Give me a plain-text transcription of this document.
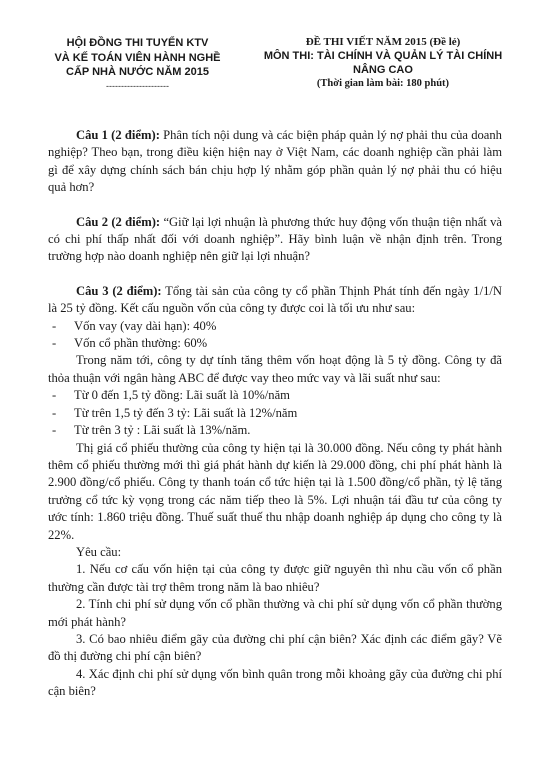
HỘI ĐỒNG THI TUYỂN KTV
VÀ KẾ TOÁN VIÊN HÀNH NGHỀ
CẤP NHÀ NƯỚC NĂM 2015
---------------------
ĐỀ THI VIẾT NĂM 2015 (Đề lẻ)
MÔN THI: TÀI CHÍNH VÀ QUẢN LÝ TÀI CHÍNH
NÂNG CAO
(Thời gian làm bài: 180 phút)

Câu 1 (2 điểm): Phân tích nội dung và các biện pháp quản lý nợ phải thu của doanh nghiệp? Theo bạn, trong điều kiện hiện nay ở Việt Nam, các doanh nghiệp cần phải làm gì để xây dựng chính sách bán chịu hợp lý nhằm góp phần quản lý nợ phải thu có hiệu quả hơn?

Câu 2 (2 điểm): “Giữ lại lợi nhuận là phương thức huy động vốn thuận tiện nhất và có chi phí thấp nhất đối với doanh nghiệp”. Hãy bình luận về nhận định trên. Trong trường hợp nào doanh nghiệp nên giữ lại lợi nhuận?

Câu 3 (2 điểm): Tổng tài sản của công ty cổ phần Thịnh Phát tính đến ngày 1/1/N là 25 tỷ đồng. Kết cấu nguồn vốn của công ty được coi là tối ưu như sau:

-	Vốn vay (vay dài hạn): 40%
-	Vốn cổ phần thường: 60%

Trong năm tới, công ty dự tính tăng thêm vốn hoạt động là 5 tỷ đồng. Công ty đã thỏa thuận với ngân hàng ABC để được vay theo mức vay và lãi suất như sau:

-	Từ 0 đến 1,5 tỷ đồng: Lãi suất là 10%/năm
-	Từ trên 1,5 tỷ đến 3 tỷ: Lãi suất là 12%/năm
-	Từ trên 3 tỷ : Lãi suất là 13%/năm.

Thị giá cổ phiếu thường của công ty hiện tại là 30.000 đồng. Nếu công ty phát hành thêm cổ phiếu thường mới thì giá phát hành dự kiến là 29.000 đồng, chi phí phát hành là 2.900 đồng/cổ phiếu. Công ty thanh toán cổ tức hiện tại là 1.500 đồng/cổ phần, tỷ lệ tăng trưởng cổ tức kỳ vọng trong các năm tiếp theo là 5%. Lợi nhuận tái đầu tư của công ty ước tính: 1.860 triệu đồng. Thuế suất thuế thu nhập doanh nghiệp áp dụng cho công ty là 22%.

Yêu cầu:

1. Nếu cơ cấu vốn hiện tại của công ty được giữ nguyên thì nhu cầu vốn cổ phần thường cần được tài trợ thêm trong năm là bao nhiêu?

2. Tính chi phí sử dụng vốn cổ phần thường và chi phí sử dụng vốn cổ phần thường mới phát hành?

3. Có bao nhiêu điểm gãy của đường chi phí cận biên? Xác định các điểm gãy? Vẽ đồ thị đường chi phí cận biên?

4. Xác định chi phí sử dụng vốn bình quân trong mỗi khoảng gãy của đường chi phí cận biên?
